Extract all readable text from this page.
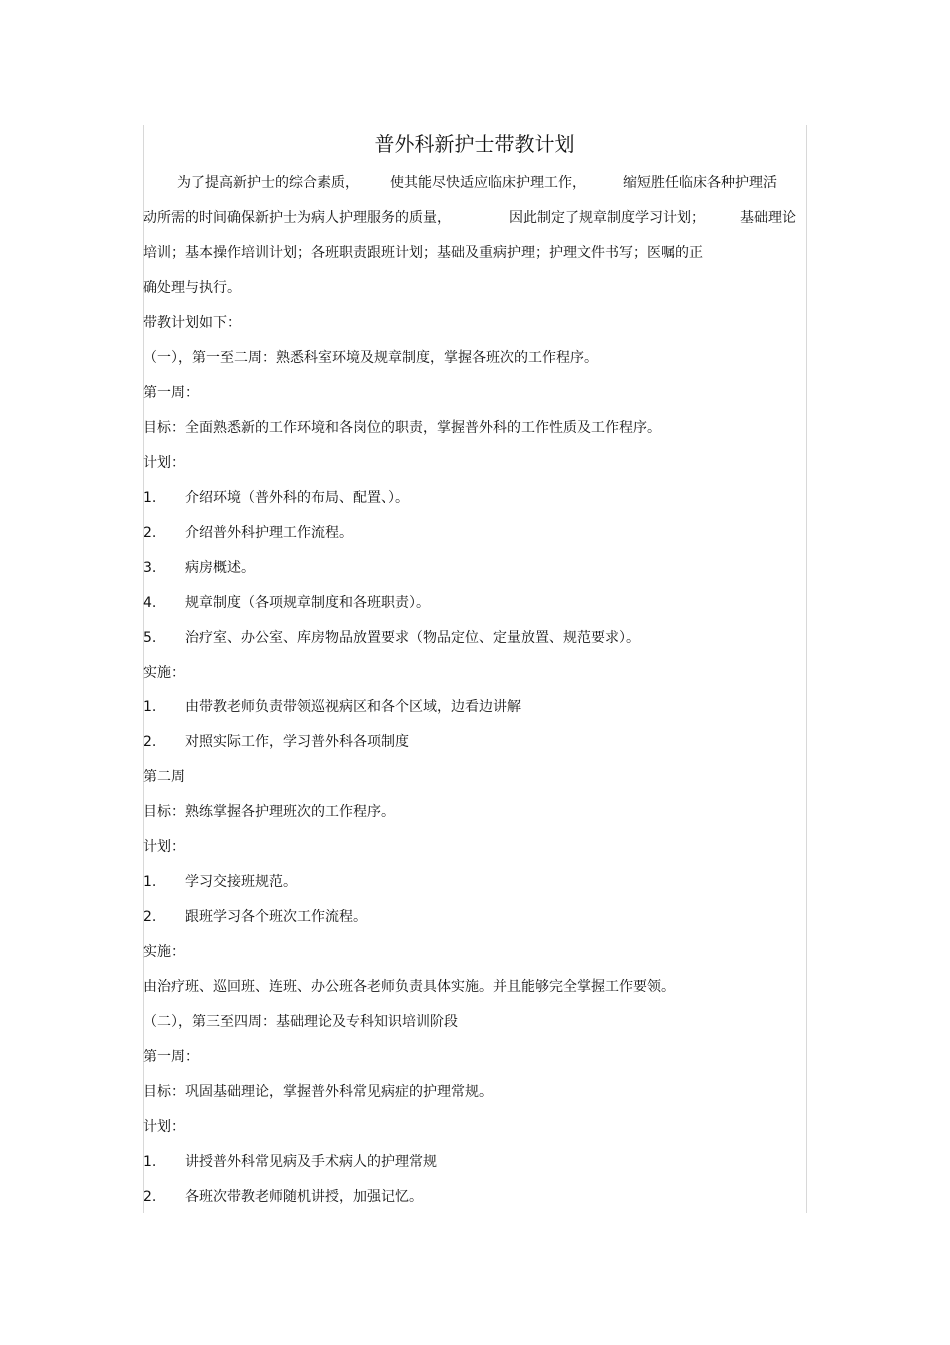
普外科新护士带教计划
为了提高新护士的综合素质， 使其能尽快适应临床护理工作，	缩短胜任临床各种护理活
动所需的时间确保新护士为病人护理服务的质量，	因此制定了规章制度学习计划；	基础理论
培训；基本操作培训计划；各班职责跟班计划；基础及重病护理；护理文件书写；医嘱的正
确处理与执行。
带教计划如下：
（一），第一至二周：熟悉科室环境及规章制度，掌握各班次的工作程序。
第一周：
目标：全面熟悉新的工作环境和各岗位的职责，掌握普外科的工作性质及工作程序。
计划：
1. 介绍环境（普外科的布局、配置、）。
2. 介绍普外科护理工作流程。
3. 病房概述。
4. 规章制度（各项规章制度和各班职责）。
5. 治疗室、办公室、库房物品放置要求（物品定位、定量放置、规范要求）。
实施：
1. 由带教老师负责带领巡视病区和各个区域，边看边讲解
2. 对照实际工作，学习普外科各项制度
第二周
目标：熟练掌握各护理班次的工作程序。
计划：
1. 学习交接班规范。
2. 跟班学习各个班次工作流程。
实施：
由治疗班、巡回班、连班、办公班各老师负责具体实施。并且能够完全掌握工作要领。
（二），第三至四周：基础理论及专科知识培训阶段
第一周：
目标：巩固基础理论，掌握普外科常见病症的护理常规。
计划：
1. 讲授普外科常见病及手术病人的护理常规
2. 各班次带教老师随机讲授，加强记忆。
